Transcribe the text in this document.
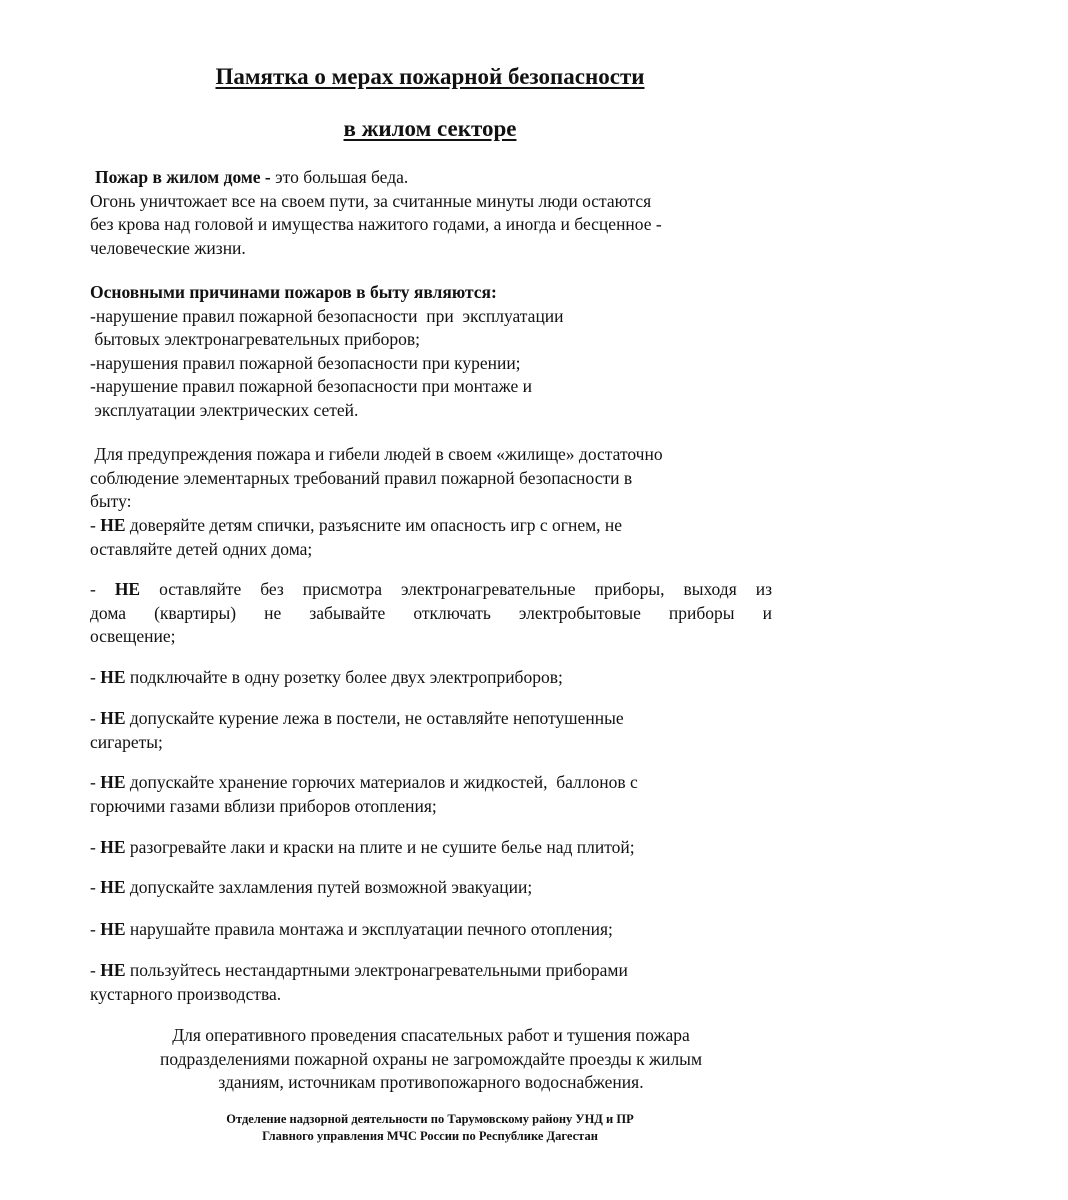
Памятка о мерах пожарной безопасности
в жилом секторе
Пожар в жилом доме - это большая беда.
Огонь уничтожает все на своем пути, за считанные минуты люди остаются
без крова над головой и имущества нажитого годами, а иногда и бесценное -
человеческие жизни.
Основными причинами пожаров в быту являются:
-нарушение правил пожарной безопасности  при  эксплуатации
бытовых электронагревательных приборов;
-нарушения правил пожарной безопасности при курении;
-нарушение правил пожарной безопасности при монтаже и
эксплуатации электрических сетей.
Для предупреждения пожара и гибели людей в своем «жилище» достаточно
соблюдение элементарных требований правил пожарной безопасности в
быту:
- НЕ доверяйте детям спички, разъясните им опасность игр с огнем, не
оставляйте детей одних дома;
- НЕ оставляйте без присмотра электронагревательные приборы, выходя из
дома (квартиры) не забывайте отключать электробытовые приборы и
освещение;
- НЕ подключайте в одну розетку более двух электроприборов;
- НЕ допускайте курение лежа в постели, не оставляйте непотушенные
сигареты;
- НЕ допускайте хранение горючих материалов и жидкостей,  баллонов с
горючими газами вблизи приборов отопления;
- НЕ разогревайте лаки и краски на плите и не сушите белье над плитой;
- НЕ допускайте захламления путей возможной эвакуации;
- НЕ нарушайте правила монтажа и эксплуатации печного отопления;
- НЕ пользуйтесь нестандартными электронагревательными приборами
кустарного производства.
Для оперативного проведения спасательных работ и тушения пожара
подразделениями пожарной охраны не загромождайте проезды к жилым
зданиям, источникам противопожарного водоснабжения.
Отделение надзорной деятельности по Тарумовскому району УНД и ПР
Главного управления МЧС России по Республике Дагестан
